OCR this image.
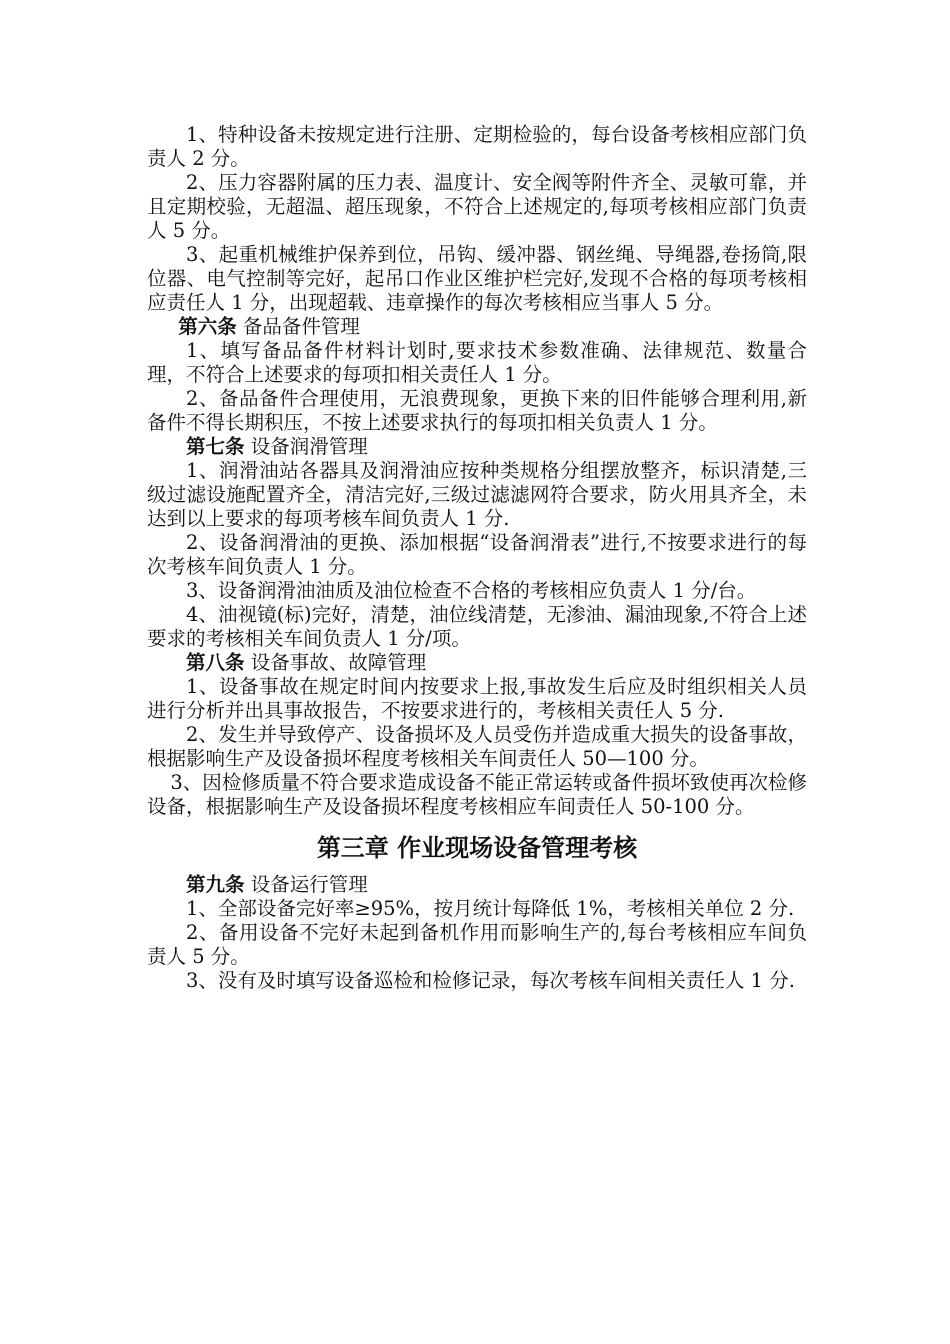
1、特种设备未按规定进行注册、定期检验的，每台设备考核相应部门负责人 2 分。

2、压力容器附属的压力表、温度计、安全阀等附件齐全、灵敏可靠，并且定期校验，无超温、超压现象，不符合上述规定的,每项考核相应部门负责人 5 分。

3、起重机械维护保养到位，吊钩、缓冲器、钢丝绳、导绳器,卷扬筒,限位器、电气控制等完好，起吊口作业区维护栏完好,发现不合格的每项考核相应责任人 1 分，出现超载、违章操作的每次考核相应当事人 5 分。

第六条 备品备件管理

1、填写备品备件材料计划时,要求技术参数准确、法律规范、数量合理，不符合上述要求的每项扣相关责任人 1 分。

2、备品备件合理使用，无浪费现象，更换下来的旧件能够合理利用,新备件不得长期积压，不按上述要求执行的每项扣相关负责人 1 分。

第七条 设备润滑管理

1、润滑油站各器具及润滑油应按种类规格分组摆放整齐，标识清楚,三级过滤设施配置齐全，清洁完好,三级过滤滤网符合要求，防火用具齐全，未达到以上要求的每项考核车间负责人 1 分.

2、设备润滑油的更换、添加根据“设备润滑表”进行,不按要求进行的每次考核车间负责人 1 分。

3、设备润滑油油质及油位检查不合格的考核相应负责人 1 分/台。

4、油视镜(标)完好，清楚，油位线清楚，无渗油、漏油现象,不符合上述要求的考核相关车间负责人 1 分/项。

第八条 设备事故、故障管理

1、设备事故在规定时间内按要求上报,事故发生后应及时组织相关人员进行分析并出具事故报告，不按要求进行的，考核相关责任人 5 分.

2、发生并导致停产、设备损坏及人员受伤并造成重大损失的设备事故，根据影响生产及设备损坏程度考核相关车间责任人 50—100 分。

3、因检修质量不符合要求造成设备不能正常运转或备件损坏致使再次检修设备，根据影响生产及设备损坏程度考核相应车间责任人 50-100 分。

第三章 作业现场设备管理考核

第九条 设备运行管理

1、全部设备完好率≥95%，按月统计每降低 1%，考核相关单位 2 分.

2、备用设备不完好未起到备机作用而影响生产的,每台考核相应车间负责人 5 分。

3、没有及时填写设备巡检和检修记录，每次考核车间相关责任人 1 分.
